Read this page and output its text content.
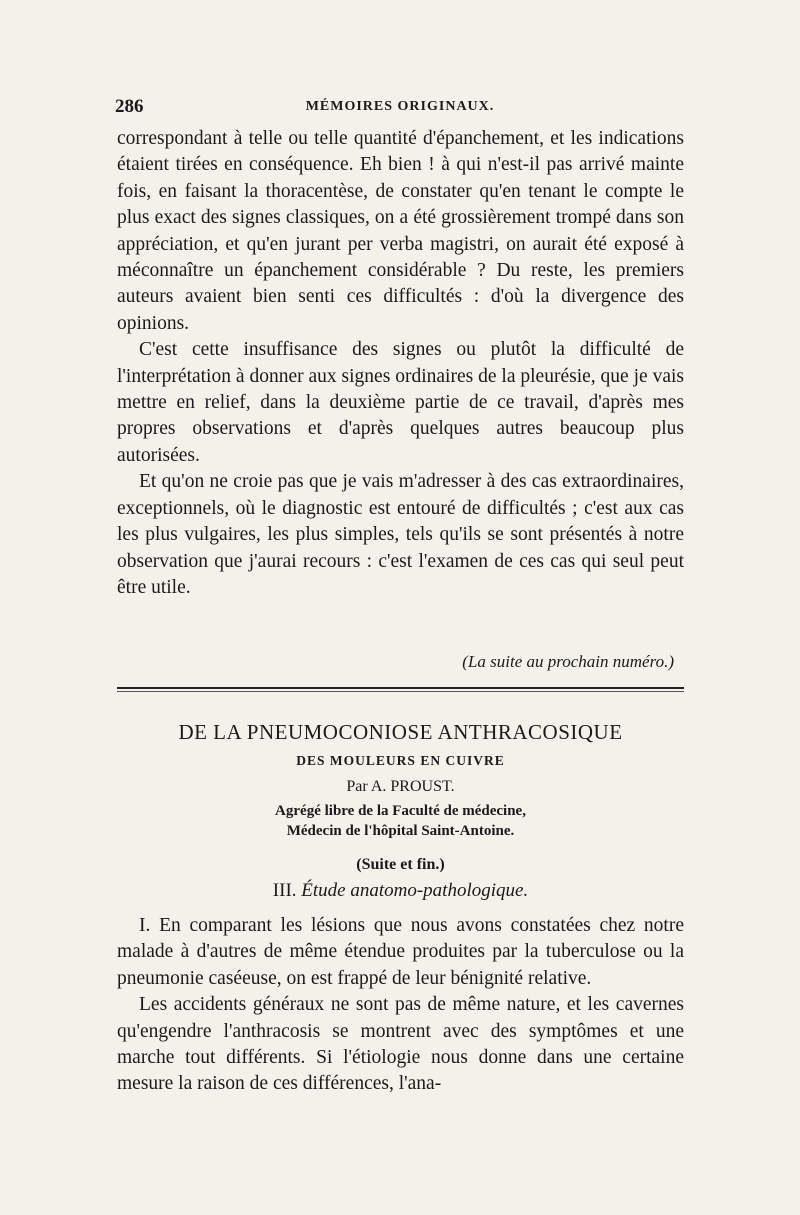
286	MÉMOIRES ORIGINAUX.

correspondant à telle ou telle quantité d'épanchement, et les indications étaient tirées en conséquence. Eh bien ! à qui n'est-il pas arrivé mainte fois, en faisant la thoracentèse, de constater qu'en tenant le compte le plus exact des signes classiques, on a été grossièrement trompé dans son appréciation, et qu'en jurant per verba magistri, on aurait été exposé à méconnaître un épanchement considérable ? Du reste, les premiers auteurs avaient bien senti ces difficultés : d'où la divergence des opinions.

C'est cette insuffisance des signes ou plutôt la difficulté de l'interprétation à donner aux signes ordinaires de la pleurésie, que je vais mettre en relief, dans la deuxième partie de ce travail, d'après mes propres observations et d'après quelques autres beaucoup plus autorisées.

Et qu'on ne croie pas que je vais m'adresser à des cas extraordinaires, exceptionnels, où le diagnostic est entouré de difficultés ; c'est aux cas les plus vulgaires, les plus simples, tels qu'ils se sont présentés à notre observation que j'aurai recours : c'est l'examen de ces cas qui seul peut être utile.

(La suite au prochain numéro.)
DE LA PNEUMOCONIOSE ANTHRACOSIQUE
DES MOULEURS EN CUIVRE
Par A. PROUST.
Agrégé libre de la Faculté de médecine,
Médecin de l'hôpital Saint-Antoine.
(Suite et fin.)
III. Étude anatomo-pathologique.

I. En comparant les lésions que nous avons constatées chez notre malade à d'autres de même étendue produites par la tuberculose ou la pneumonie caséeuse, on est frappé de leur bénignité relative.

Les accidents généraux ne sont pas de même nature, et les cavernes qu'engendre l'anthracosis se montrent avec des symptômes et une marche tout différents. Si l'étiologie nous donne dans une certaine mesure la raison de ces différences, l'ana-
